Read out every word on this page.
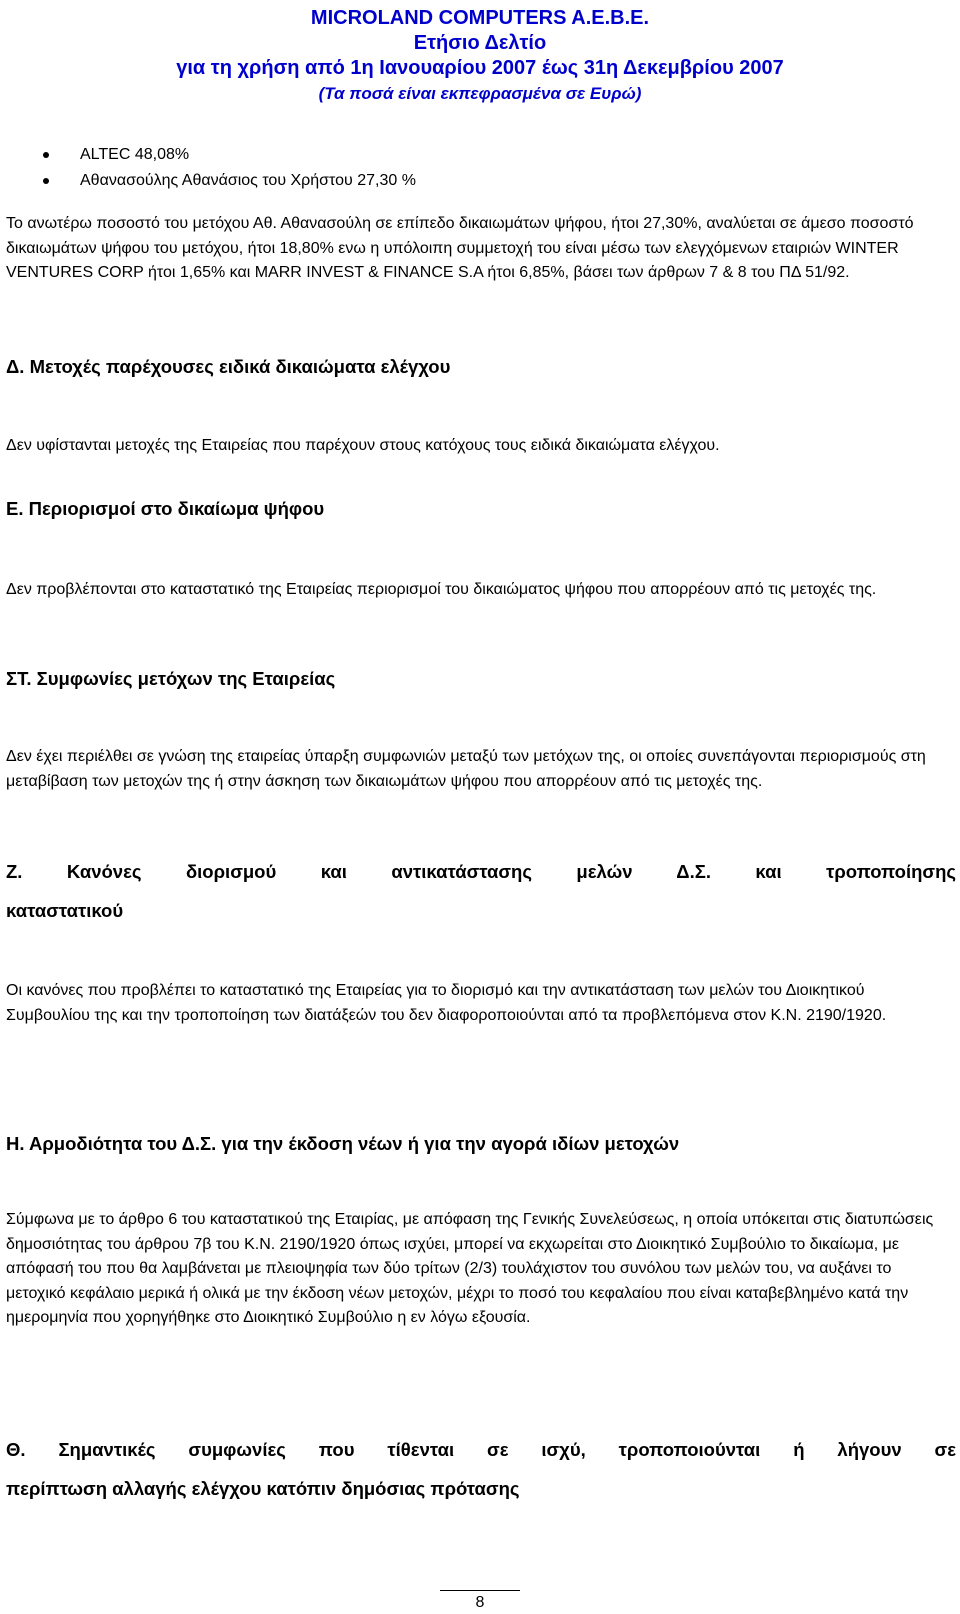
MICROLAND COMPUTERS A.E.B.E.
Ετήσιο Δελτίο
για τη χρήση από 1η Ιανουαρίου 2007 έως 31η Δεκεμβρίου 2007
(Τα ποσά είναι εκπεφρασμένα σε Ευρώ)
ALTEC 48,08%
Αθανασούλης Αθανάσιος του Χρήστου 27,30 %

Το ανωτέρω ποσοστό του μετόχου Αθ. Αθανασούλη σε επίπεδο δικαιωμάτων ψήφου, ήτοι 27,30%, αναλύεται σε άμεσο ποσοστό δικαιωμάτων ψήφου του μετόχου, ήτοι 18,80% ενω η υπόλοιπη συμμετοχή του είναι μέσω των ελεγχόμενων εταιριών WINTER VENTURES CORP ήτοι 1,65% και MARR INVEST & FINANCE S.A ήτοι 6,85%, βάσει των άρθρων 7 & 8 του ΠΔ 51/92.

Δ. Μετοχές παρέχουσες ειδικά δικαιώματα ελέγχου

Δεν υφίστανται μετοχές της Εταιρείας που παρέχουν στους κατόχους τους ειδικά δικαιώματα ελέγχου.

Ε. Περιορισμοί στο δικαίωμα ψήφου

Δεν προβλέπονται στο καταστατικό της Εταιρείας περιορισμοί του δικαιώματος ψήφου που απορρέουν από τις μετοχές της.

ΣΤ. Συμφωνίες μετόχων της Εταιρείας

Δεν έχει περιέλθει σε γνώση της εταιρείας ύπαρξη συμφωνιών μεταξύ των μετόχων της, οι οποίες συνεπάγονται περιορισμούς στη μεταβίβαση των μετοχών της ή στην άσκηση των δικαιωμάτων ψήφου που απορρέουν από τις μετοχές της.

Ζ. Κανόνες διορισμού και αντικατάστασης μελών Δ.Σ. και τροποποίησης
καταστατικού

Οι κανόνες που προβλέπει το καταστατικό της Εταιρείας για το διορισμό και την αντικατάσταση των μελών του Διοικητικού Συμβουλίου της και την τροποποίηση των διατάξεών του δεν διαφοροποιούνται από τα προβλεπόμενα στον Κ.Ν. 2190/1920.

Η. Αρμοδιότητα του Δ.Σ. για την έκδοση νέων ή για την αγορά ιδίων μετοχών

Σύμφωνα με το άρθρο 6 του καταστατικού της Εταιρίας, με απόφαση της Γενικής Συνελεύσεως, η οποία υπόκειται στις διατυπώσεις δημοσιότητας του άρθρου 7β του Κ.Ν. 2190/1920 όπως ισχύει, μπορεί να εκχωρείται στο Διοικητικό Συμβούλιο το δικαίωμα, με απόφασή του που θα λαμβάνεται με πλειοψηφία των δύο τρίτων (2/3) τουλάχιστον του συνόλου των μελών του, να αυξάνει το μετοχικό κεφάλαιο μερικά ή ολικά με την έκδοση νέων μετοχών, μέχρι το ποσό του κεφαλαίου που είναι καταβεβλημένο κατά την ημερομηνία που χορηγήθηκε στο Διοικητικό Συμβούλιο η εν λόγω εξουσία.

Θ. Σημαντικές συμφωνίες που τίθενται σε ισχύ, τροποποιούνται ή λήγουν σε
περίπτωση αλλαγής ελέγχου κατόπιν δημόσιας πρότασης
8
